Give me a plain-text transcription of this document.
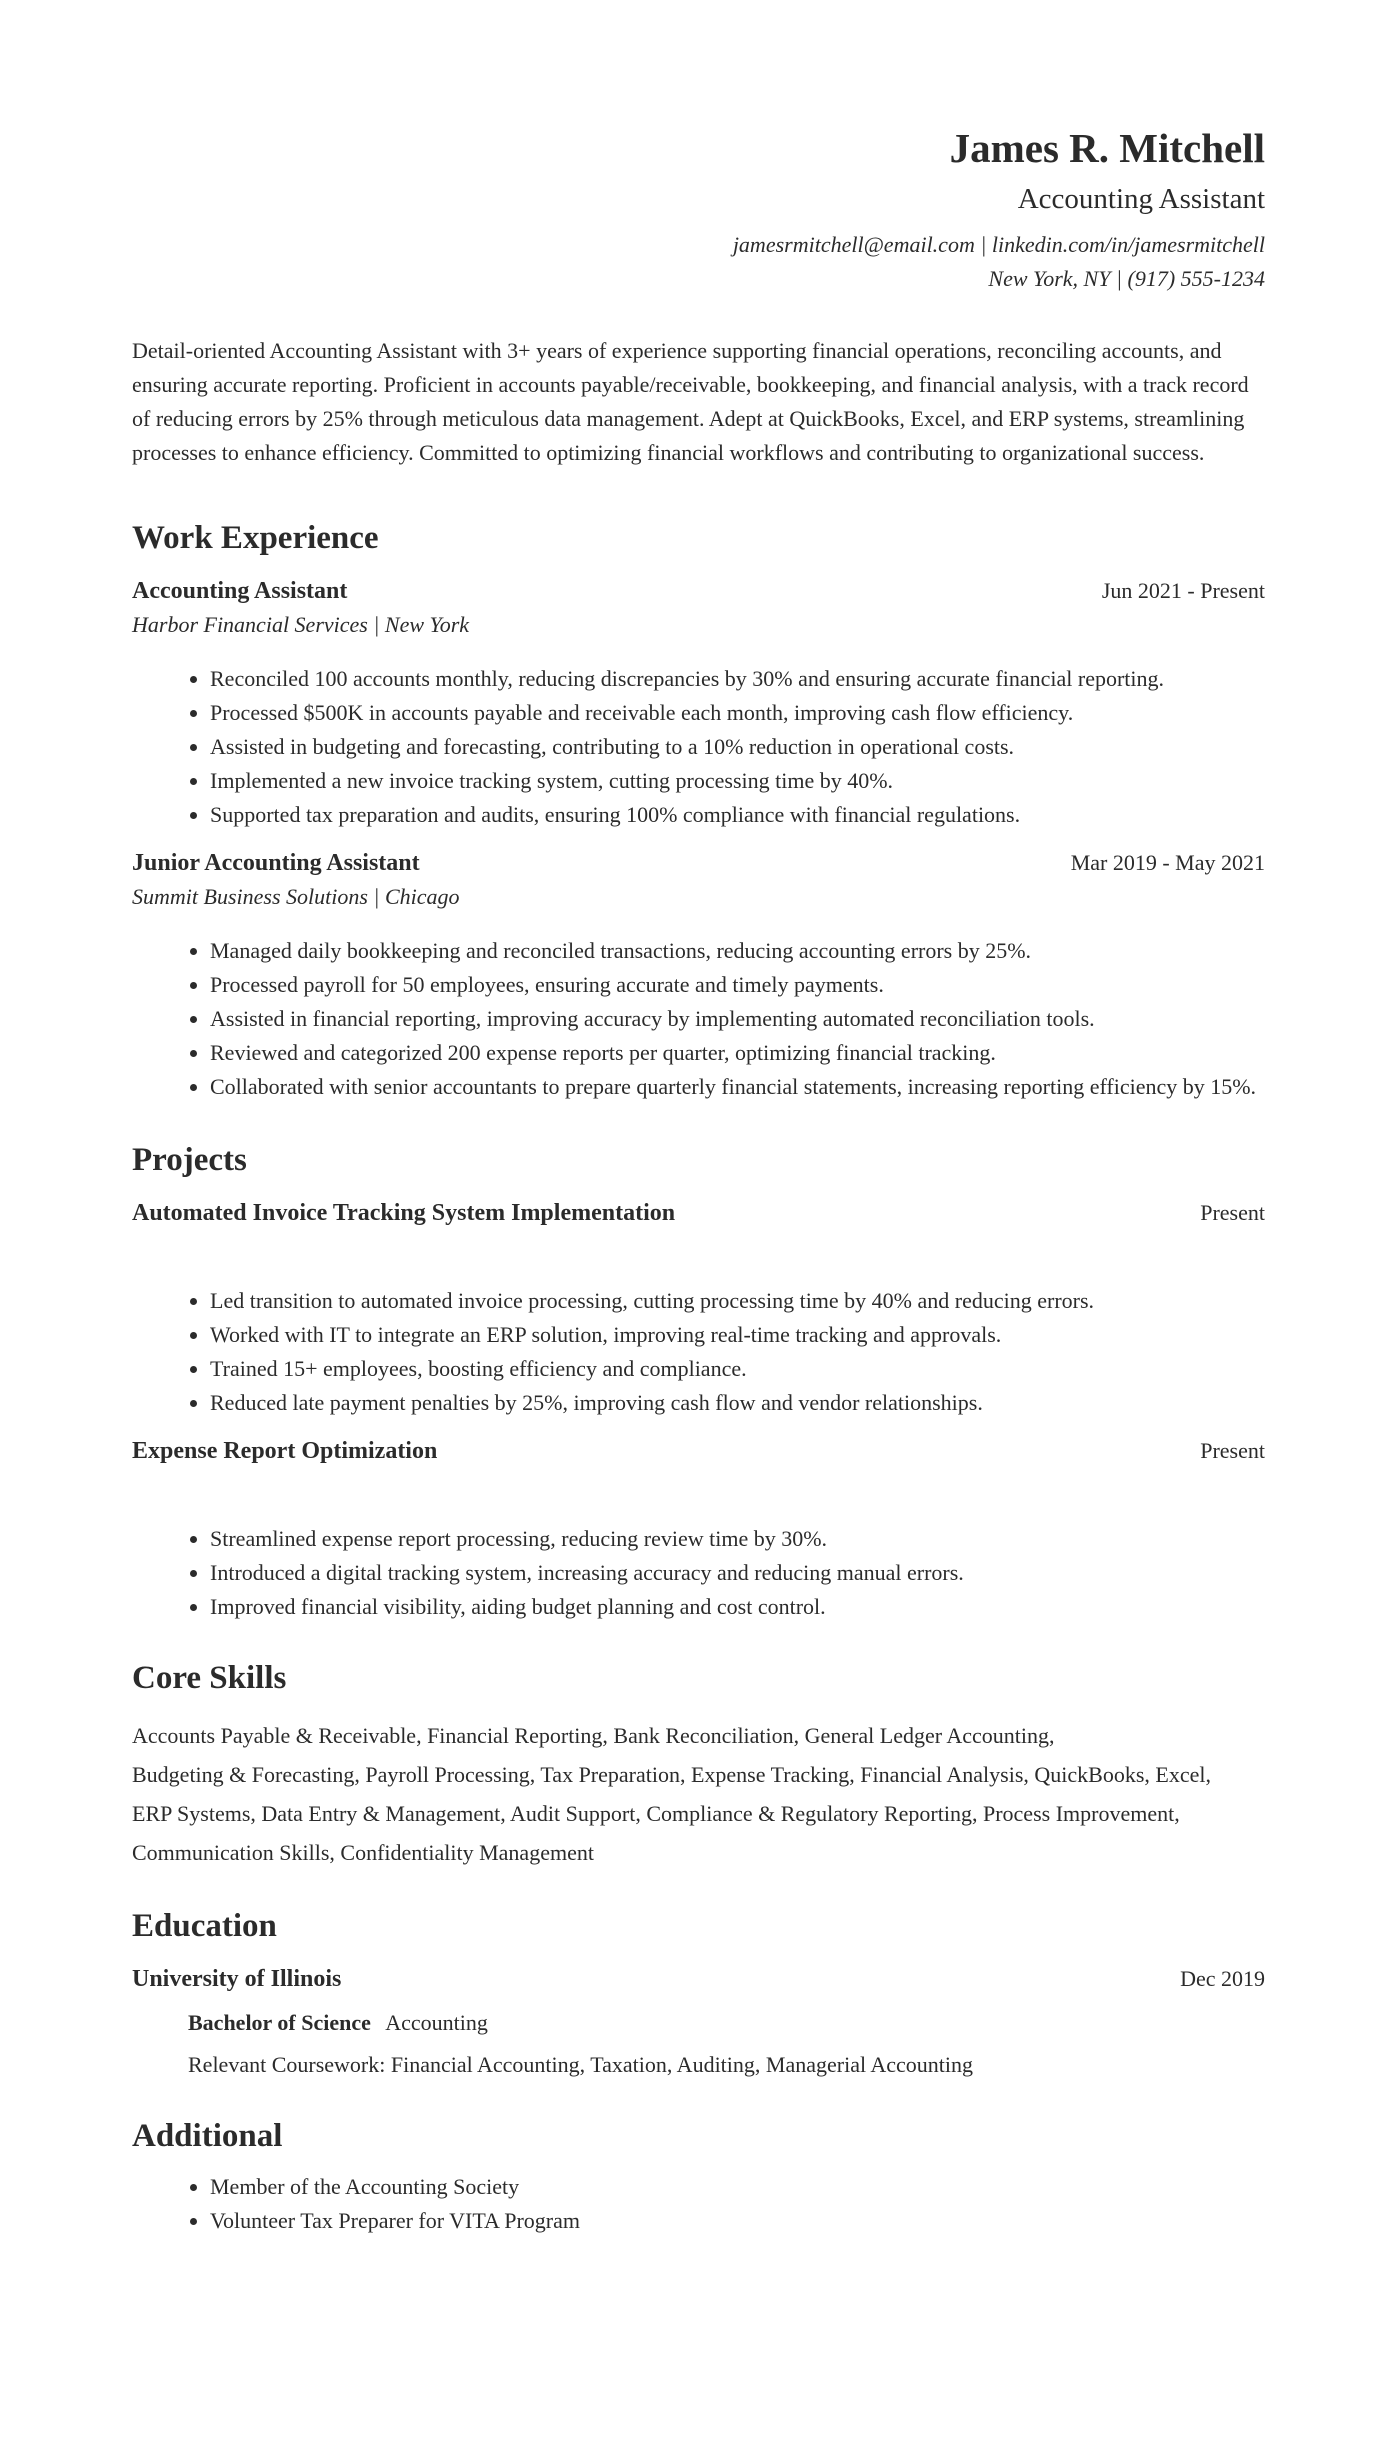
James R. Mitchell
Accounting Assistant
jamesrmitchell@email.com | linkedin.com/in/jamesrmitchell
New York, NY | (917) 555-1234

Detail-oriented Accounting Assistant with 3+ years of experience supporting financial operations, reconciling accounts, and ensuring accurate reporting. Proficient in accounts payable/receivable, bookkeeping, and financial analysis, with a track record of reducing errors by 25% through meticulous data management. Adept at QuickBooks, Excel, and ERP systems, streamlining processes to enhance efficiency. Committed to optimizing financial workflows and contributing to organizational success.

Work Experience
Accounting Assistant	Jun 2021 - Present
Harbor Financial Services | New York
• Reconciled 100 accounts monthly, reducing discrepancies by 30% and ensuring accurate financial reporting.
• Processed $500K in accounts payable and receivable each month, improving cash flow efficiency.
• Assisted in budgeting and forecasting, contributing to a 10% reduction in operational costs.
• Implemented a new invoice tracking system, cutting processing time by 40%.
• Supported tax preparation and audits, ensuring 100% compliance with financial regulations.
Junior Accounting Assistant	Mar 2019 - May 2021
Summit Business Solutions | Chicago
• Managed daily bookkeeping and reconciled transactions, reducing accounting errors by 25%.
• Processed payroll for 50 employees, ensuring accurate and timely payments.
• Assisted in financial reporting, improving accuracy by implementing automated reconciliation tools.
• Reviewed and categorized 200 expense reports per quarter, optimizing financial tracking.
• Collaborated with senior accountants to prepare quarterly financial statements, increasing reporting efficiency by 15%.
Projects
Automated Invoice Tracking System Implementation	Present
• Led transition to automated invoice processing, cutting processing time by 40% and reducing errors.
• Worked with IT to integrate an ERP solution, improving real-time tracking and approvals.
• Trained 15+ employees, boosting efficiency and compliance.
• Reduced late payment penalties by 25%, improving cash flow and vendor relationships.
Expense Report Optimization	Present
• Streamlined expense report processing, reducing review time by 30%.
• Introduced a digital tracking system, increasing accuracy and reducing manual errors.
• Improved financial visibility, aiding budget planning and cost control.
Core Skills
Accounts Payable & Receivable, Financial Reporting, Bank Reconciliation, General Ledger Accounting,
Budgeting & Forecasting, Payroll Processing, Tax Preparation, Expense Tracking, Financial Analysis, QuickBooks, Excel,
ERP Systems, Data Entry & Management, Audit Support, Compliance & Regulatory Reporting, Process Improvement,
Communication Skills, Confidentiality Management
Education
University of Illinois	Dec 2019
Bachelor of Science Accounting
Relevant Coursework: Financial Accounting, Taxation, Auditing, Managerial Accounting
Additional
• Member of the Accounting Society
• Volunteer Tax Preparer for VITA Program
